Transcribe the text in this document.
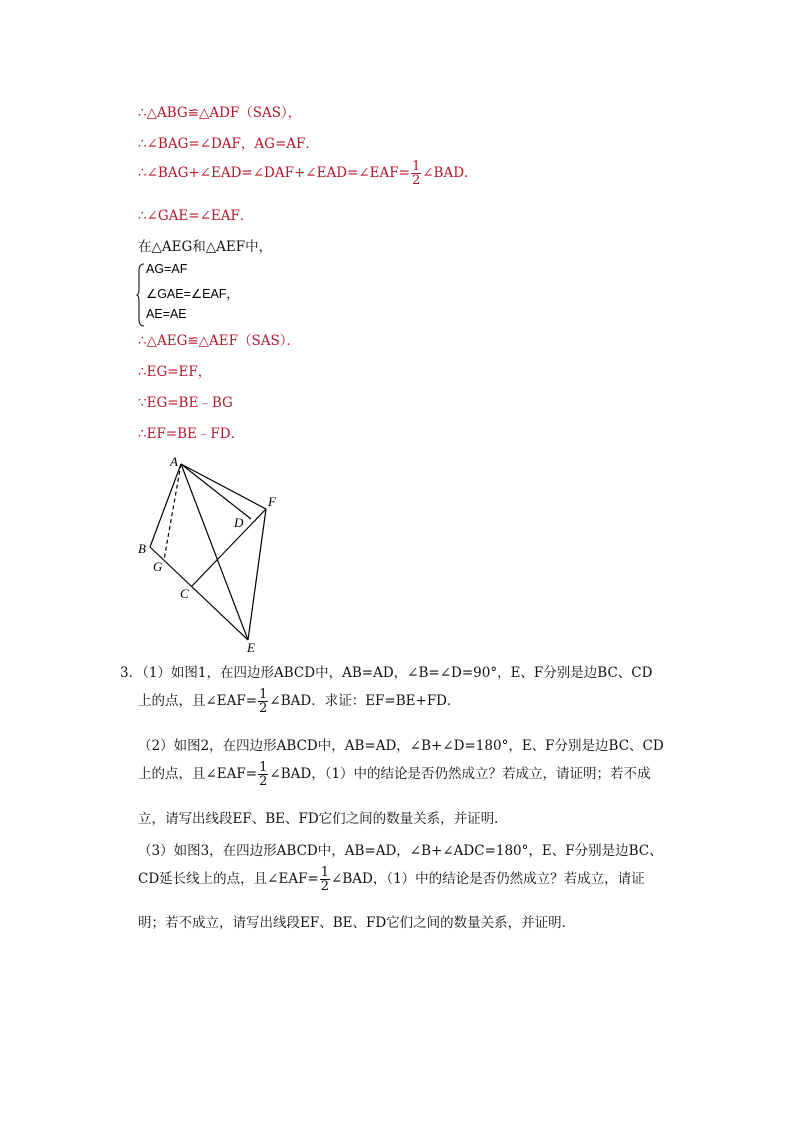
∴△ABG≌△ADF（SAS），
∴∠BAG=∠DAF，AG=AF．
∴∠BAG+∠EAD=∠DAF+∠EAD=∠EAF= $\frac{1}{2}$ ∠BAD．
∴∠GAE=∠EAF．
在△AEG和△AEF中，
AG=AF
∠GAE=∠EAF，
AE=AE
∴△AEG≌△AEF（SAS）．
∴EG=EF，
∵EG=BE﹣BG
∴EF=BE﹣FD．
A
B
C
D
E
F
G
3．（1）如图1，在四边形ABCD中，AB=AD，∠B=∠D=90°，E、F分别是边BC、CD
上的点，且∠EAF= $\frac{1}{2}$ ∠BAD．求证：EF=BE+FD．
（2）如图2，在四边形ABCD中，AB=AD，∠B+∠D=180°，E、F分别是边BC、CD
上的点，且∠EAF= $\frac{1}{2}$ ∠BAD，（1）中的结论是否仍然成立？若成立，请证明；若不成
立，请写出线段EF、BE、FD它们之间的数量关系，并证明．
（3）如图3，在四边形ABCD中，AB=AD，∠B+∠ADC=180°，E、F分别是边BC、
CD延长线上的点，且∠EAF= $\frac{1}{2}$ ∠BAD，（1）中的结论是否仍然成立？若成立，请证
明；若不成立，请写出线段EF、BE、FD它们之间的数量关系，并证明．
